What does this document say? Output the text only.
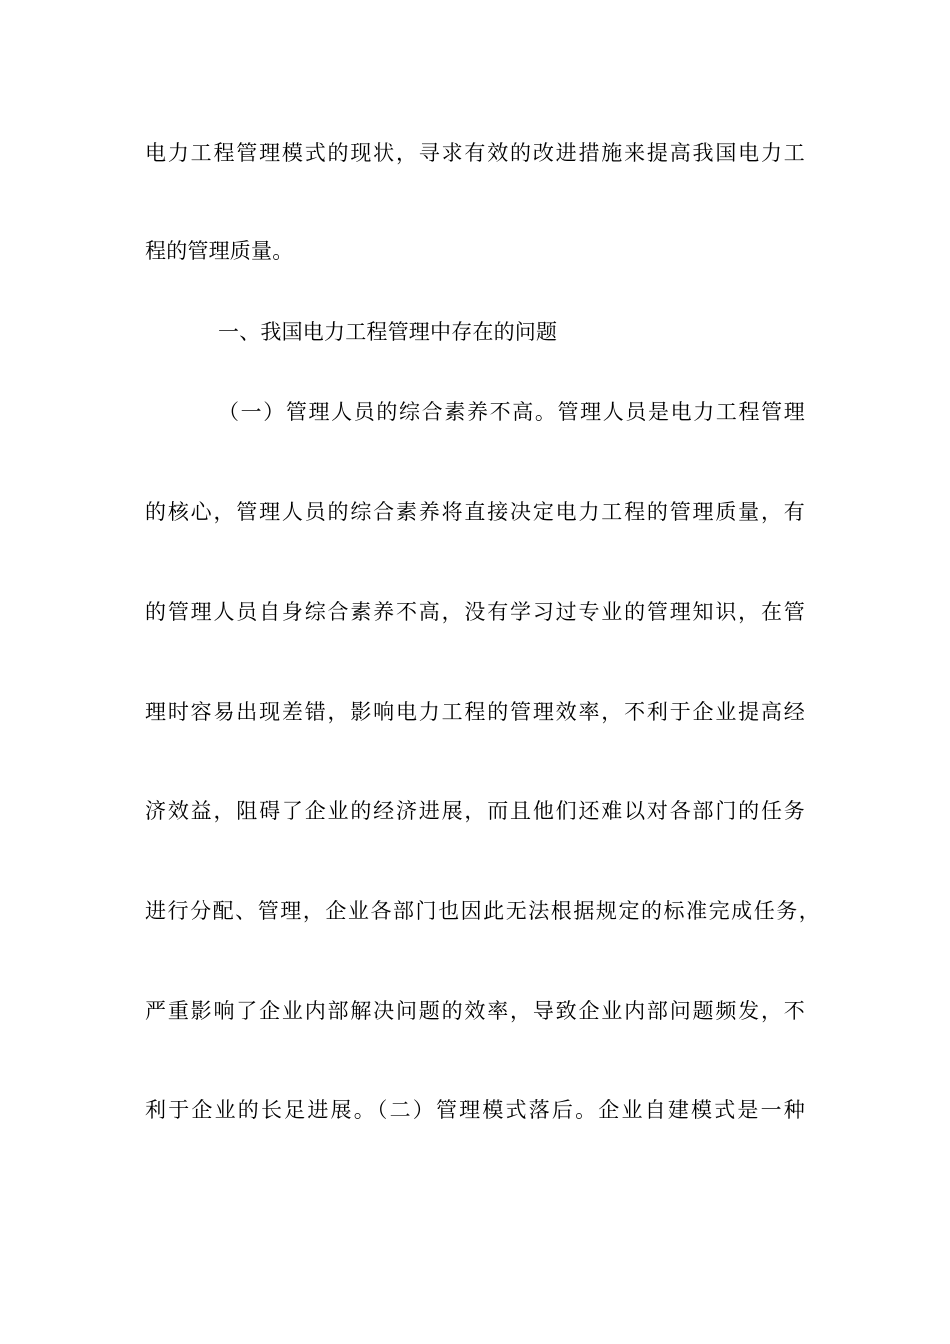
电力工程管理模式的现状，寻求有效的改进措施来提高我国电力工
程的管理质量。
一、我国电力工程管理中存在的问题
（一）管理人员的综合素养不高。管理人员是电力工程管理
的核心，管理人员的综合素养将直接决定电力工程的管理质量，有
的管理人员自身综合素养不高，没有学习过专业的管理知识，在管
理时容易出现差错，影响电力工程的管理效率，不利于企业提高经
济效益，阻碍了企业的经济进展，而且他们还难以对各部门的任务
进行分配、管理，企业各部门也因此无法根据规定的标准完成任务，
严重影响了企业内部解决问题的效率，导致企业内部问题频发，不
利于企业的长足进展。（二）管理模式落后。企业自建模式是一种
